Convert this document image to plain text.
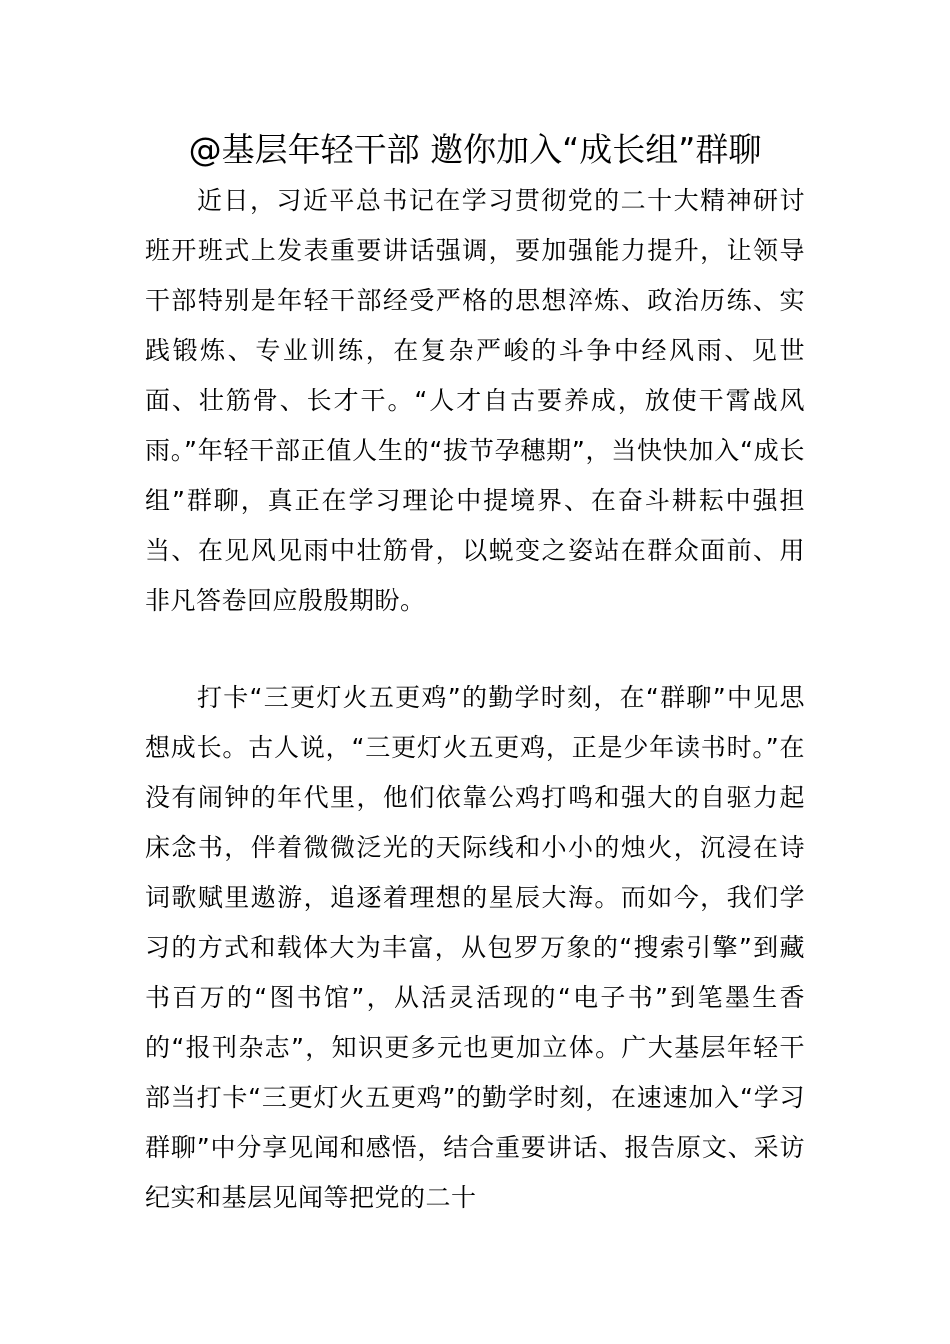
@基层年轻干部 邀你加入“成长组”群聊

近日，习近平总书记在学习贯彻党的二十大精神研讨班开班式上发表重要讲话强调，要加强能力提升，让领导干部特别是年轻干部经受严格的思想淬炼、政治历练、实践锻炼、专业训练，在复杂严峻的斗争中经风雨、见世面、壮筋骨、长才干。“人才自古要养成，放使干霄战风雨。”年轻干部正值人生的“拔节孕穗期”，当快快加入“成长组”群聊，真正在学习理论中提境界、在奋斗耕耘中强担当、在见风见雨中壮筋骨，以蜕变之姿站在群众面前、用非凡答卷回应殷殷期盼。

打卡“三更灯火五更鸡”的勤学时刻，在“群聊”中见思想成长。古人说，“三更灯火五更鸡，正是少年读书时。”在没有闹钟的年代里，他们依靠公鸡打鸣和强大的自驱力起床念书，伴着微微泛光的天际线和小小的烛火，沉浸在诗词歌赋里遨游，追逐着理想的星辰大海。而如今，我们学习的方式和载体大为丰富，从包罗万象的“搜索引擎”到藏书百万的“图书馆”，从活灵活现的“电子书”到笔墨生香的“报刊杂志”，知识更多元也更加立体。广大基层年轻干部当打卡“三更灯火五更鸡”的勤学时刻，在速速加入“学习群聊”中分享见闻和感悟，结合重要讲话、报告原文、采访纪实和基层见闻等把党的二十
